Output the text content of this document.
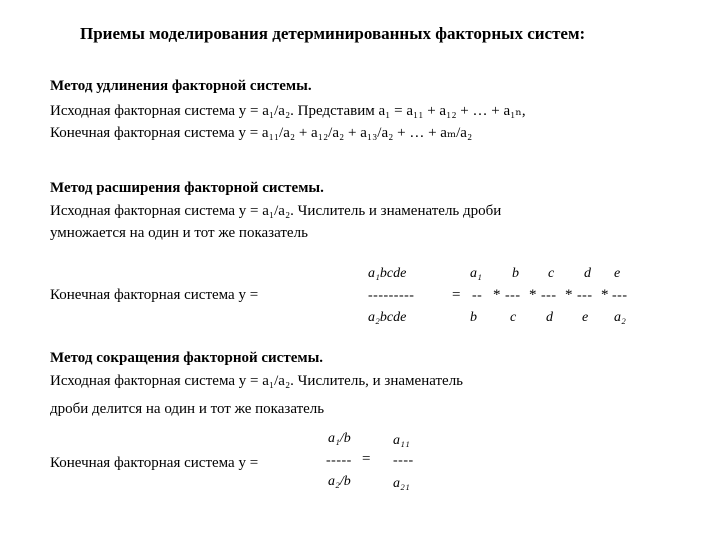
Приемы моделирования детерминированных факторных систем:
Метод удлинения факторной системы.
Исходная факторная система y = a₁/a₂. Представим a₁ = a₁₁ + a₁₂ + … + a₁ₙ,
Конечная факторная система y = a₁₁/a₂ + a₁₂/a₂ + a₁₃/a₂ + … + aₘ/a₂
Метод расширения факторной системы.
Исходная факторная система y = a₁/a₂. Числитель и знаменатель дроби
умножается на один и тот же показатель
Конечная факторная система у =
a₁bcde
---------
a₂bcde
=
a₁
--
b
*
b
---
c
*
c
---
d
*
d
---
e
*
e
---
a₂
Метод сокращения факторной системы.
Исходная факторная система y = a₁/a₂. Числитель, и знаменатель
дроби делится на один и тот же показатель
Конечная факторная система у =
a₁/b
-----
a₂/b
=
a₁₁
----
a₂₁
